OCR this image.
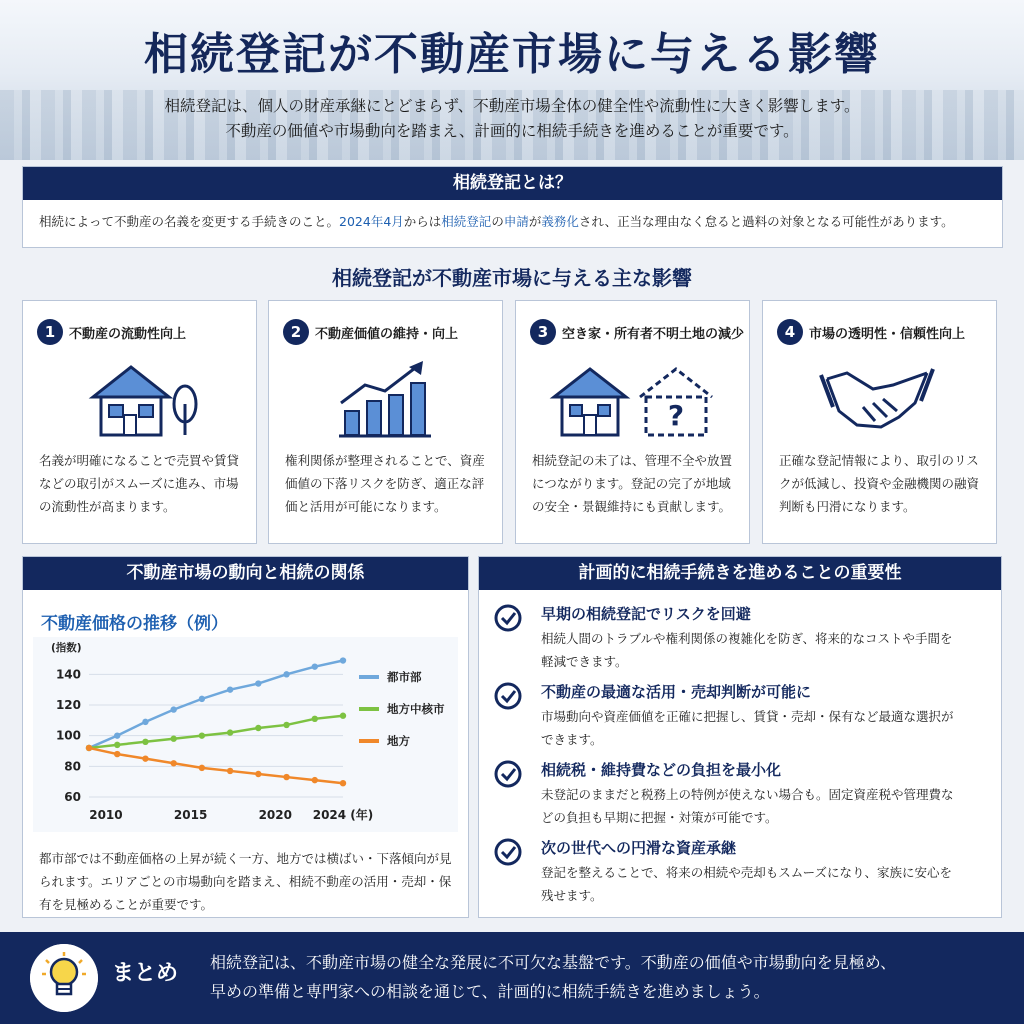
相続登記が不動産市場に与える影響
相続登記は、個人の財産承継にとどまらず、不動産市場全体の健全性や流動性に大きく影響します。
不動産の価値や市場動向を踏まえ、計画的に相続手続きを進めることが重要です。
相続登記とは？
相続によって不動産の名義を変更する手続きのこと。2024年4月からは相続登記の申請が義務化され、正当な理由なく怠ると過料の対象となる可能性があります。
相続登記が不動産市場に与える主な影響
1	不動産の流動性向上
名義が明確になることで売買や賃貸などの取引がスムーズに進み、市場の流動性が高まります。
2	不動産価値の維持・向上
権利関係が整理されることで、資産価値の下落リスクを防ぎ、適正な評価と活用が可能になります。
3	空き家・所有者不明土地の減少
?
相続登記の未了は、管理不全や放置につながります。登記の完了が地域の安全・景観維持にも貢献します。
4	市場の透明性・信頼性向上
正確な登記情報により、取引のリスクが低減し、投資や金融機関の融資判断も円滑になります。
不動産市場の動向と相続の関係
不動産価格の推移（例）
60
80
100
120
140
(指数)
2010	2015	2020 2024 (年)
都市部
地方中核市
地方
都市部では不動産価格の上昇が続く一方、地方では横ばい・下落傾向が見られます。エリアごとの市場動向を踏まえ、相続不動産の活用・売却・保有を見極めることが重要です。
計画的に相続手続きを進めることの重要性
早期の相続登記でリスクを回避
相続人間のトラブルや権利関係の複雑化を防ぎ、将来的なコストや手間を軽減できます。
不動産の最適な活用・売却判断が可能に
市場動向や資産価値を正確に把握し、賃貸・売却・保有など最適な選択ができます。
相続税・維持費などの負担を最小化
未登記のままだと税務上の特例が使えない場合も。固定資産税や管理費などの負担も早期に把握・対策が可能です。
次の世代への円滑な資産承継
登記を整えることで、将来の相続や売却もスムーズになり、家族に安心を残せます。
まとめ 相続登記は、不動産市場の健全な発展に不可欠な基盤です。不動産の価値や市場動向を見極め、
早めの準備と専門家への相談を通じて、計画的に相続手続きを進めましょう。
